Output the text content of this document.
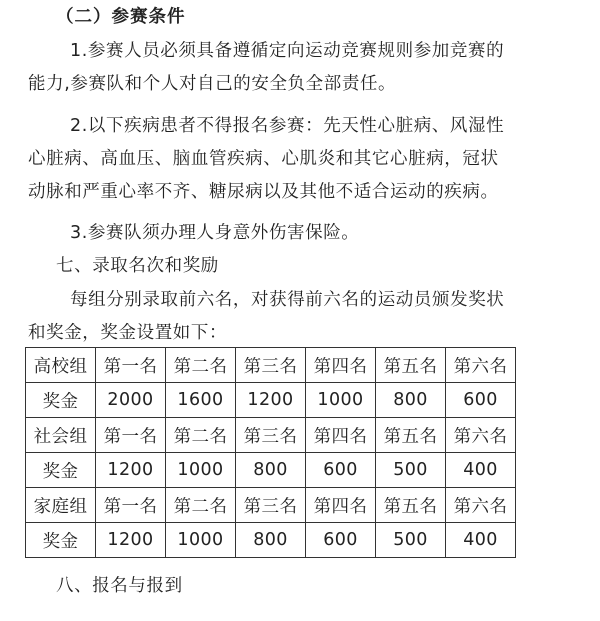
（二）参赛条件
1.参赛人员必须具备遵循定向运动竞赛规则参加竞赛的
能力,参赛队和个人对自己的安全负全部责任。
2.以下疾病患者不得报名参赛：先天性心脏病、风湿性
心脏病、高血压、脑血管疾病、心肌炎和其它心脏病，冠状
动脉和严重心率不齐、糖尿病以及其他不适合运动的疾病。
3.参赛队须办理人身意外伤害保险。
七、录取名次和奖励
每组分别录取前六名，对获得前六名的运动员颁发奖状
和奖金，奖金设置如下：
高校组	第一名	第二名	第三名	第四名	第五名	第六名
奖金	2000	1600	1200	1000	800	600
社会组	第一名	第二名	第三名	第四名	第五名	第六名
奖金	1200	1000	800	600	500	400
家庭组	第一名	第二名	第三名	第四名	第五名	第六名
奖金	1200	1000	800	600	500	400
八、报名与报到
